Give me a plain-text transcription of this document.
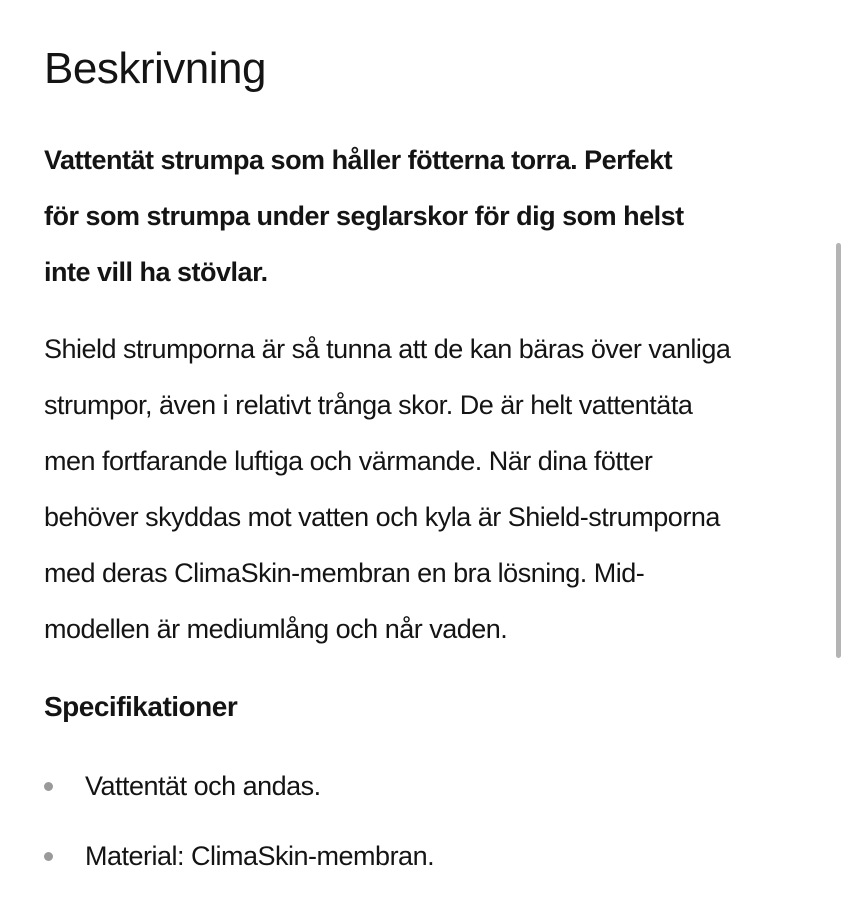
Beskrivning
Vattentät strumpa som håller fötterna torra. Perfekt
för som strumpa under seglarskor för dig som helst
inte vill ha stövlar.
Shield strumporna är så tunna att de kan bäras över vanliga
strumpor, även i relativt trånga skor. De är helt vattentäta
men fortfarande luftiga och värmande. När dina fötter
behöver skyddas mot vatten och kyla är Shield-strumporna
med deras ClimaSkin-membran en bra lösning. Mid-
modellen är mediumlång och når vaden.
Specifikationer
Vattentät och andas.
Material: ClimaSkin-membran.
